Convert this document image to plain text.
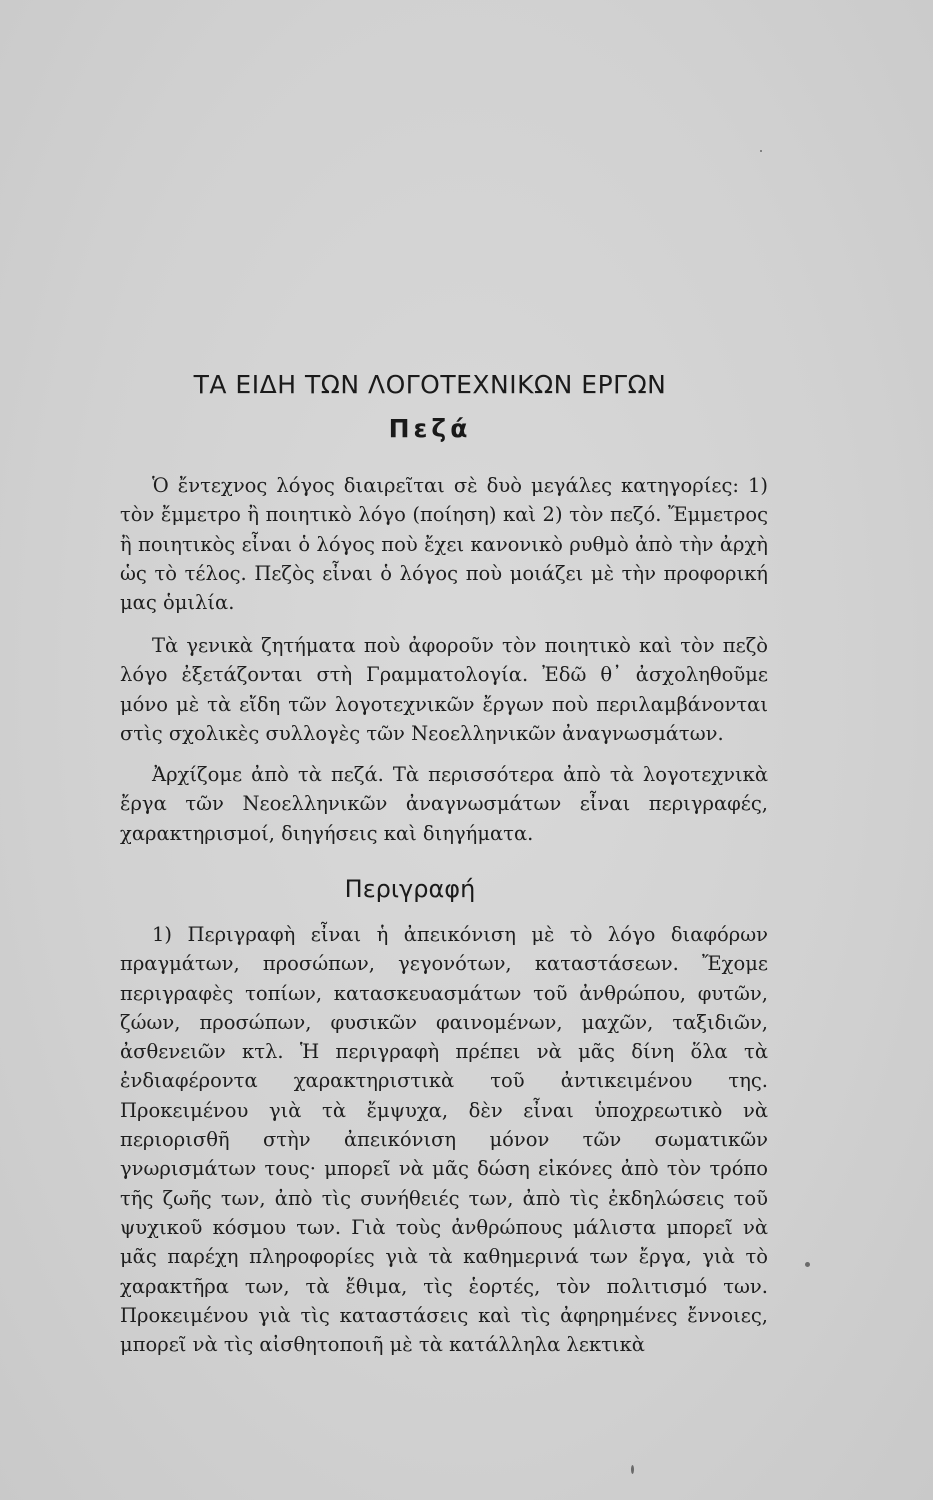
ΤΑ ΕΙΔΗ ΤΩΝ ΛΟΓΟΤΕΧΝΙΚΩΝ ΕΡΓΩΝ
Πεζά

Ὁ ἔντεχνος λόγος διαιρεῖται σὲ δυὸ μεγάλες κατηγορίες: 1) τὸν ἔμμετρο ἢ ποιητικὸ λόγο (ποίηση) καὶ 2) τὸν πεζό. Ἔμμετρος ἢ ποιητικὸς εἶναι ὁ λόγος ποὺ ἔχει κανονικὸ ρυθμὸ ἀπὸ τὴν ἀρχὴ ὡς τὸ τέλος. Πεζὸς εἶναι ὁ λόγος ποὺ μοιάζει μὲ τὴν προφορική μας ὁμιλία.

Τὰ γενικὰ ζητήματα ποὺ ἀφοροῦν τὸν ποιητικὸ καὶ τὸν πεζὸ λόγο ἐξετάζονται στὴ Γραμματολογία. Ἐδῶ θ᾽ ἀσχοληθοῦμε μόνο μὲ τὰ εἴδη τῶν λογοτεχνικῶν ἔργων ποὺ περιλαμβάνονται στὶς σχολικὲς συλλογὲς τῶν Νεοελληνικῶν ἀναγνωσμάτων.

Ἀρχίζομε ἀπὸ τὰ πεζά. Τὰ περισσότερα ἀπὸ τὰ λογοτεχνικὰ ἔργα τῶν Νεοελληνικῶν ἀναγνωσμάτων εἶναι περιγραφές, χαρακτηρισμοί, διηγήσεις καὶ διηγήματα.

Περιγραφή

1) Περιγραφὴ εἶναι ἡ ἀπεικόνιση μὲ τὸ λόγο διαφόρων πραγμάτων, προσώπων, γεγονότων, καταστάσεων. Ἔχομε περιγραφὲς τοπίων, κατασκευασμάτων τοῦ ἀνθρώπου, φυτῶν, ζώων, προσώπων, φυσικῶν φαινομένων, μαχῶν, ταξιδιῶν, ἀσθενειῶν κτλ. Ἡ περιγραφὴ πρέπει νὰ μᾶς δίνη ὅλα τὰ ἐνδιαφέροντα χαρακτηριστικὰ τοῦ ἀντικειμένου της. Προκειμένου γιὰ τὰ ἔμψυχα, δὲν εἶναι ὑποχρεωτικὸ νὰ περιορισθῆ στὴν ἀπεικόνιση μόνον τῶν σωματικῶν γνωρισμάτων τους· μπορεῖ νὰ μᾶς δώση εἰκόνες ἀπὸ τὸν τρόπο τῆς ζωῆς των, ἀπὸ τὶς συνήθειές των, ἀπὸ τὶς ἐκδηλώσεις τοῦ ψυχικοῦ κόσμου των. Γιὰ τοὺς ἀνθρώπους μάλιστα μπορεῖ νὰ μᾶς παρέχη πληροφορίες γιὰ τὰ καθημερινά των ἔργα, γιὰ τὸ χαρακτῆρα των, τὰ ἔθιμα, τὶς ἑορτές, τὸν πολιτισμό των. Προκειμένου γιὰ τὶς καταστάσεις καὶ τὶς ἀφηρημένες ἔννοιες, μπορεῖ νὰ τὶς αἰσθητοποιῆ μὲ τὰ κατάλληλα λεκτικὰ
